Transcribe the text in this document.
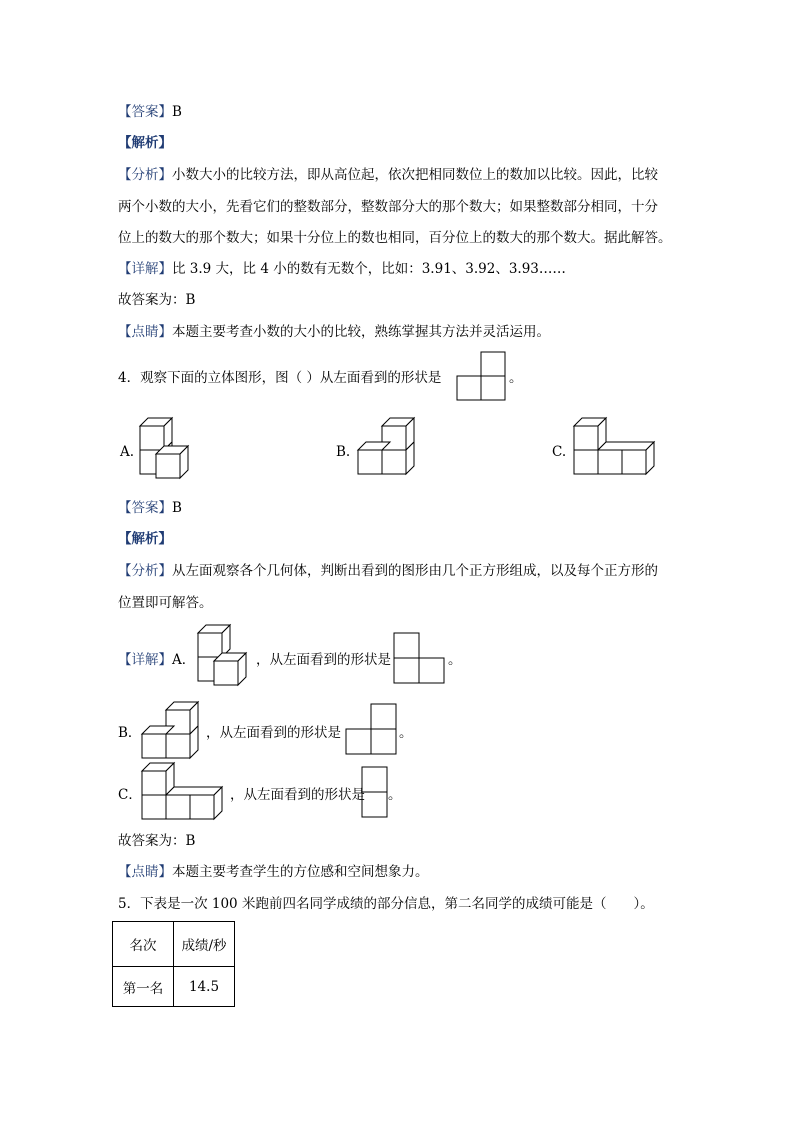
【答案】B
【解析】
【分析】小数大小的比较方法，即从高位起，依次把相同数位上的数加以比较。因此，比较
两个小数的大小，先看它们的整数部分，整数部分大的那个数大；如果整数部分相同，十分
位上的数大的那个数大；如果十分位上的数也相同，百分位上的数大的那个数大。据此解答。
【详解】比 3.9 大，比 4 小的数有无数个，比如：3.91、3.92、3.93……
故答案为：B
【点睛】本题主要考查小数的大小的比较，熟练掌握其方法并灵活运用。
4．观察下面的立体图形，图（ ）从左面看到的形状是	。
A.	B.	C.
【答案】B
【解析】
【分析】从左面观察各个几何体，判断出看到的图形由几个正方形组成，以及每个正方形的
位置即可解答。
【详解】A．	，从左面看到的形状是	。
B．	，从左面看到的形状是	。
C．	，从左面看到的形状是 。
故答案为：B
【点睛】本题主要考查学生的方位感和空间想象力。
5．下表是一次 100 米跑前四名同学成绩的部分信息，第二名同学的成绩可能是（　　）。
名次	成绩/秒
第一名	14.5
